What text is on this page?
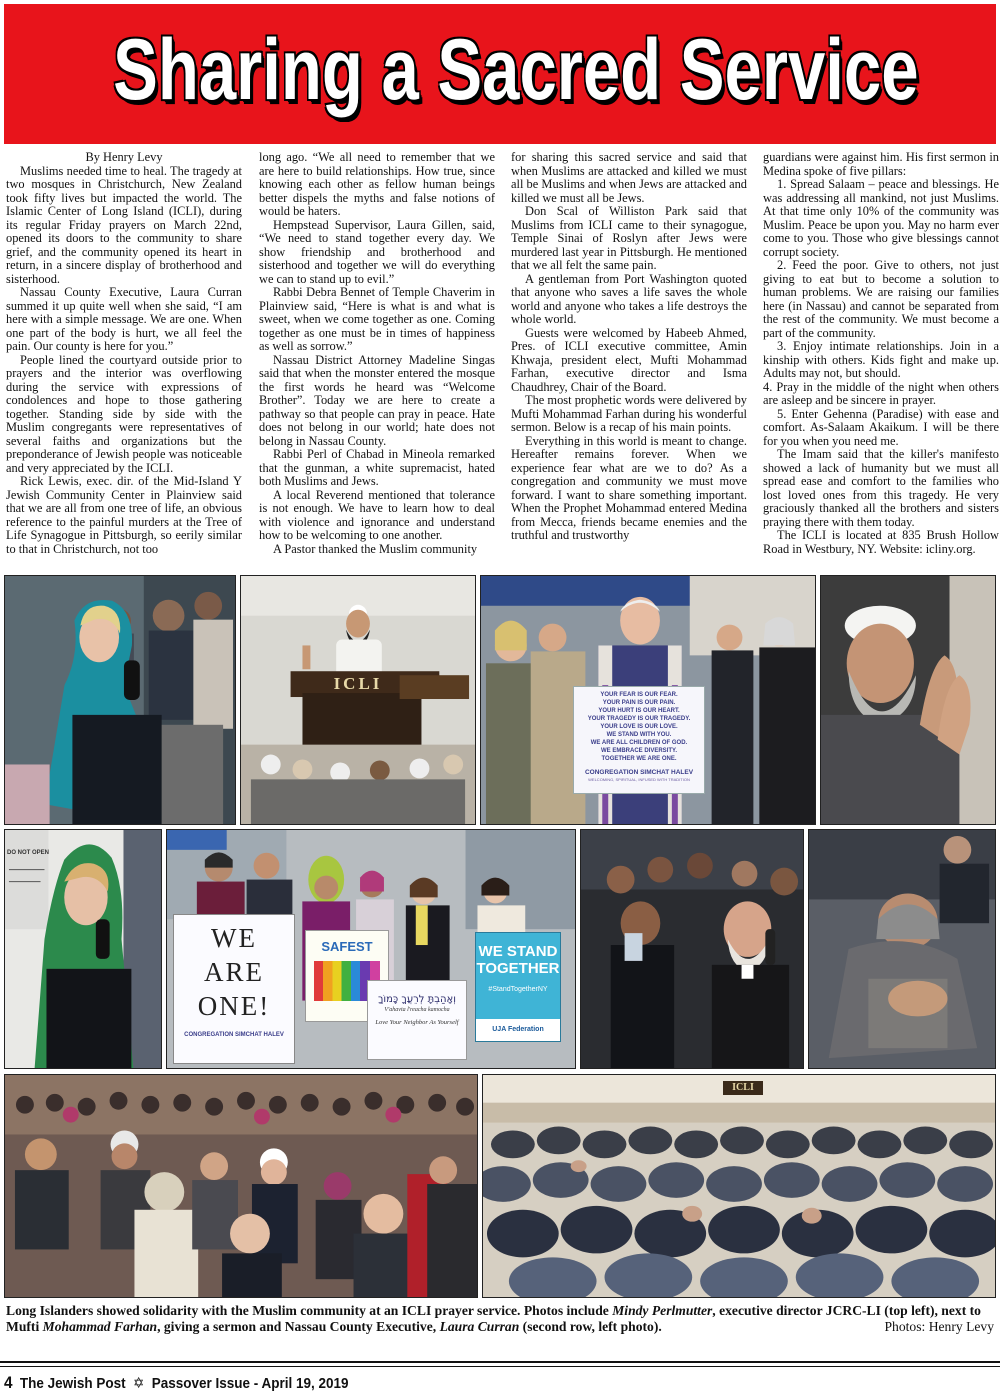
Sharing a Sacred Service

By Henry Levy

Muslims needed time to heal. The tragedy at two mosques in Christchurch, New Zealand took fifty lives but impacted the world. The Islamic Center of Long Island (ICLI), during its regular Friday prayers on March 22nd, opened its doors to the community to share grief, and the community opened its heart in return, in a sincere display of brotherhood and sisterhood.

Nassau County Executive, Laura Curran summed it up quite well when she said, “I am here with a simple message. We are one. When one part of the body is hurt, we all feel the pain. Our county is here for you.”

People lined the courtyard outside prior to prayers and the interior was overflowing during the service with expressions of condolences and hope to those gathering together. Standing side by side with the Muslim congregants were representatives of several faiths and organizations but the preponderance of Jewish people was noticeable and very appreciated by the ICLI.

Rick Lewis, exec. dir. of the Mid-Island Y Jewish Community Center in Plainview said that we are all from one tree of life, an obvious reference to the painful murders at the Tree of Life Synagogue in Pittsburgh, so eerily similar to that in Christchurch, not too

long ago. “We all need to remember that we are here to build relationships. How true, since knowing each other as fellow human beings better dispels the myths and false notions of would be haters.

Hempstead Supervisor, Laura Gillen, said, “We need to stand together every day. We show friendship and brotherhood and sisterhood and together we will do everything we can to stand up to evil.”

Rabbi Debra Bennet of Temple Chaverim in Plainview said, “Here is what is and what is sweet, when we come together as one. Coming together as one must be in times of happiness as well as sorrow.”

Nassau District Attorney Madeline Singas said that when the monster entered the mosque the first words he heard was “Welcome Brother”. Today we are here to create a pathway so that people can pray in peace. Hate does not belong in our world; hate does not belong in Nassau County.

Rabbi Perl of Chabad in Mineola remarked that the gunman, a white supremacist, hated both Muslims and Jews.

A local Reverend mentioned that tolerance is not enough. We have to learn how to deal with violence and ignorance and understand how to be welcoming to one another.

A Pastor thanked the Muslim community

for sharing this sacred service and said that when Muslims are attacked and killed we must all be Muslims and when Jews are attacked and killed we must all be Jews.

Don Scal of Williston Park said that Muslims from ICLI came to their synagogue, Temple Sinai of Roslyn after Jews were murdered last year in Pittsburgh. He mentioned that we all felt the same pain.

A gentleman from Port Washington quoted that anyone who saves a life saves the whole world and anyone who takes a life destroys the whole world.

Guests were welcomed by Habeeb Ahmed, Pres. of ICLI executive committee, Amin Khwaja, president elect, Mufti Mohammad Farhan, executive director and Isma Chaudhrey, Chair of the Board.

The most prophetic words were delivered by Mufti Mohammad Farhan during his wonderful sermon. Below is a recap of his main points.

Everything in this world is meant to change. Hereafter remains forever. When we experience fear what are we to do? As a congregation and community we must move forward. I want to share something important. When the Prophet Mohammad entered Medina from Mecca, friends became enemies and the truthful and trustworthy

guardians were against him. His first sermon in Medina spoke of five pillars:

1. Spread Salaam – peace and blessings. He was addressing all mankind, not just Muslims. At that time only 10% of the community was Muslim. Peace be upon you. May no harm ever come to you. Those who give blessings cannot corrupt society.

2. Feed the poor. Give to others, not just giving to eat but to become a solution to human problems. We are raising our families here (in Nassau) and cannot be separated from the rest of the community. We must become a part of the community.

3. Enjoy intimate relationships. Join in a kinship with others. Kids fight and make up. Adults may not, but should.

4. Pray in the middle of the night when others are asleep and be sincere in prayer.

5. Enter Gehenna (Paradise) with ease and comfort. As-Salaam Akaikum. I will be there for you when you need me.

The Imam said that the killer's manifesto showed a lack of humanity but we must all spread ease and comfort to the families who lost loved ones from this tragedy. He very graciously thanked all the brothers and sisters praying there with them today.

The ICLI is located at 835 Brush Hollow Road in Westbury, NY. Website: icliny.org.

ICLI
YOUR FEAR IS OUR FEAR.
YOUR PAIN IS OUR PAIN.
YOUR HURT IS OUR HEART.
YOUR TRAGEDY IS OUR TRAGEDY.
YOUR LOVE IS OUR LOVE.
WE STAND WITH YOU.
WE ARE ALL CHILDREN OF GOD.
WE EMBRACE DIVERSITY.
TOGETHER WE ARE ONE.
CONGREGATION SIMCHAT HALEV
WELCOMING, SPIRITUAL, INFUSED WITH TRADITION
DO NOT OPEN
WE
ARE
ONE!
CONGREGATION SIMCHAT HALEV
SAFEST
וְאָהַבְתָּ לְרֵעֲךָ כָּמוֹךָ
V'ahavta l'reacha kamocha
Love Your Neighbor As Yourself
WE STAND
TOGETHER
#StandTogetherNY
UJA Federation
ICLI
Long Islanders showed solidarity with the Muslim community at an ICLI prayer service. Photos include Mindy Perlmutter, executive director JCRC-LI (top left), next to Mufti Mohammad Farhan, giving a sermon and Nassau County Executive, Laura Curran (second row, left photo).	Photos: Henry Levy
4 The Jewish Post ✡ Passover Issue - April 19, 2019
